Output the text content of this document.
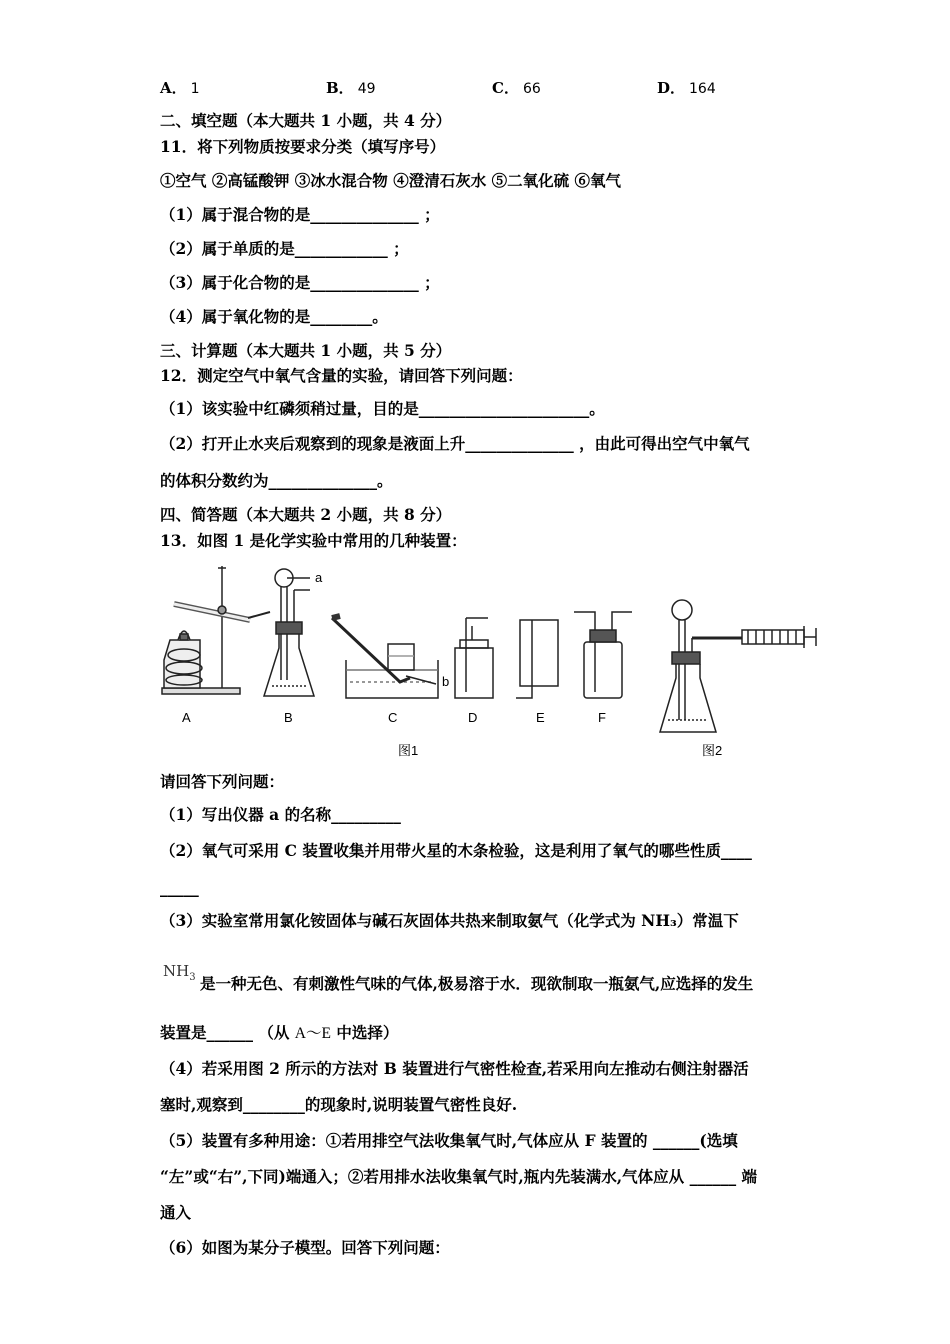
A． 1	B． 49	C． 66	D． 164
二、填空题（本大题共 1 小题，共 4 分）
11．将下列物质按要求分类（填写序号）
①空气 ②高锰酸钾 ③冰水混合物 ④澄清石灰水 ⑤二氧化硫 ⑥氧气
（1）属于混合物的是______________ ；
（2）属于单质的是____________ ；
（3）属于化合物的是______________ ；
（4）属于氧化物的是________。
三、计算题（本大题共 1 小题，共 5 分）
12．测定空气中氧气含量的实验，请回答下列问题：
（1）该实验中红磷须稍过量，目的是______________________。
（2）打开止水夹后观察到的现象是液面上升______________ ，由此可得出空气中氧气
的体积分数约为______________。
四、简答题（本大题共 2 小题，共 8 分）
13．如图 1 是化学实验中常用的几种装置：
a
b
A	B	C	D	E	F
图1	图2
请回答下列问题：
（1）写出仪器 a 的名称_________
（2）氧气可采用 C 装置收集并用带火星的木条检验，这是利用了氧气的哪些性质____
_____
（3）实验室常用氯化铵固体与碱石灰固体共热来制取氨气（化学式为 NH₃）常温下
$NH_3$ 是一种无色、有刺激性气味的气体,极易溶于水．现欲制取一瓶氨气,应选择的发生
装置是______ （从 A～E 中选择）
（4）若采用图 2 所示的方法对 B 装置进行气密性检查,若采用向左推动右侧注射器活
塞时,观察到________的现象时,说明装置气密性良好.
（5）装置有多种用途：①若用排空气法收集氧气时,气体应从 F 装置的 ______(选填
“左”或“右”,下同)端通入；②若用排水法收集氧气时,瓶内先装满水,气体应从 ______ 端
通入
（6）如图为某分子模型。回答下列问题：
